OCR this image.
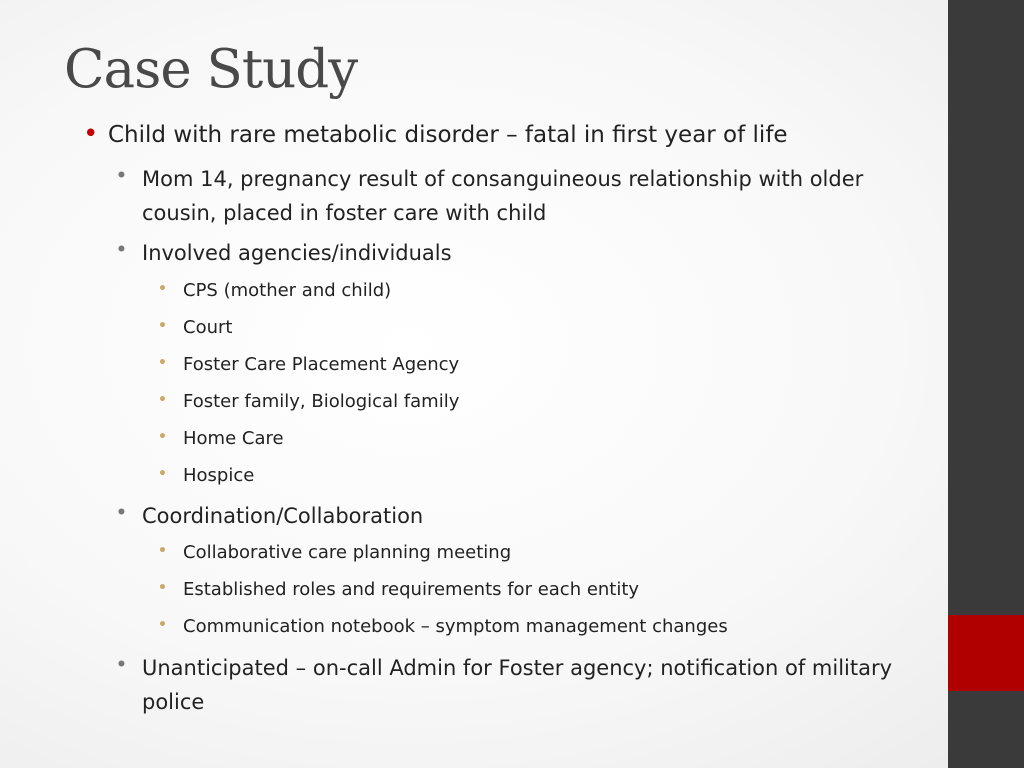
Case Study
• Child with rare metabolic disorder – fatal in first year of life

• Mom 14, pregnancy result of consanguineous relationship with older cousin, placed in foster care with child

• Involved agencies/individuals

• CPS (mother and child)

• Court

• Foster Care Placement Agency

• Foster family, Biological family

• Home Care

• Hospice

• Coordination/Collaboration

• Collaborative care planning meeting

• Established roles and requirements for each entity

• Communication notebook – symptom management changes

• Unanticipated – on-call Admin for Foster agency; notification of military police
